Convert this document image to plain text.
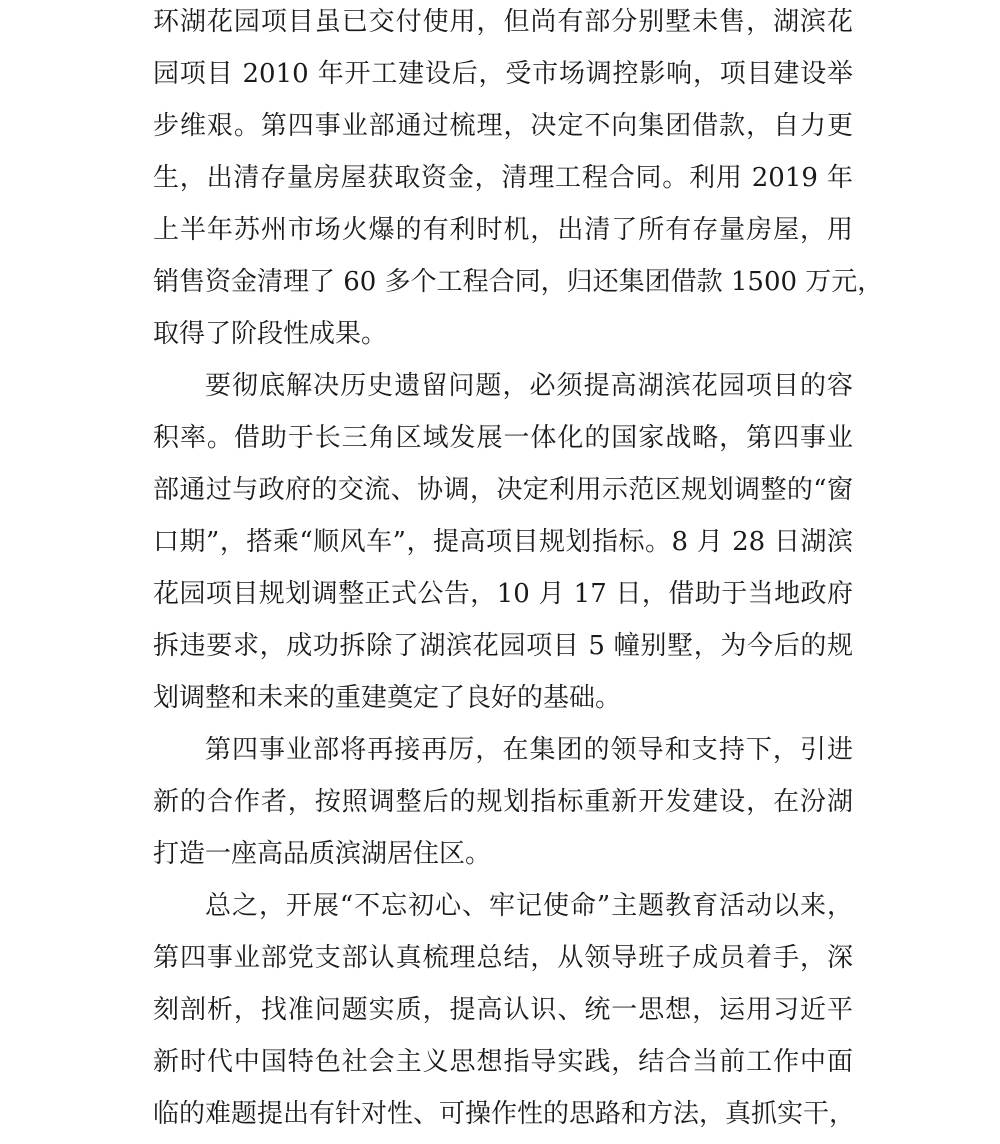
环湖花园项目虽已交付使用，但尚有部分别墅未售，湖滨花
园项目 2010 年开工建设后，受市场调控影响，项目建设举
步维艰。第四事业部通过梳理，决定不向集团借款，自力更
生，出清存量房屋获取资金，清理工程合同。利用 2019 年
上半年苏州市场火爆的有利时机，出清了所有存量房屋，用
销售资金清理了 60 多个工程合同，归还集团借款 1500 万元，
取得了阶段性成果。
要彻底解决历史遗留问题，必须提高湖滨花园项目的容
积率。借助于长三角区域发展一体化的国家战略，第四事业
部通过与政府的交流、协调，决定利用示范区规划调整的“窗
口期”，搭乘“顺风车”，提高项目规划指标。8 月 28 日湖滨
花园项目规划调整正式公告，10 月 17 日，借助于当地政府
拆违要求，成功拆除了湖滨花园项目 5 幢别墅，为今后的规
划调整和未来的重建奠定了良好的基础。
第四事业部将再接再厉，在集团的领导和支持下，引进
新的合作者，按照调整后的规划指标重新开发建设，在汾湖
打造一座高品质滨湖居住区。
总之，开展“不忘初心、牢记使命”主题教育活动以来，
第四事业部党支部认真梳理总结，从领导班子成员着手，深
刻剖析，找准问题实质，提高认识、统一思想，运用习近平
新时代中国特色社会主义思想指导实践，结合当前工作中面
临的难题提出有针对性、可操作性的思路和方法，真抓实干，
